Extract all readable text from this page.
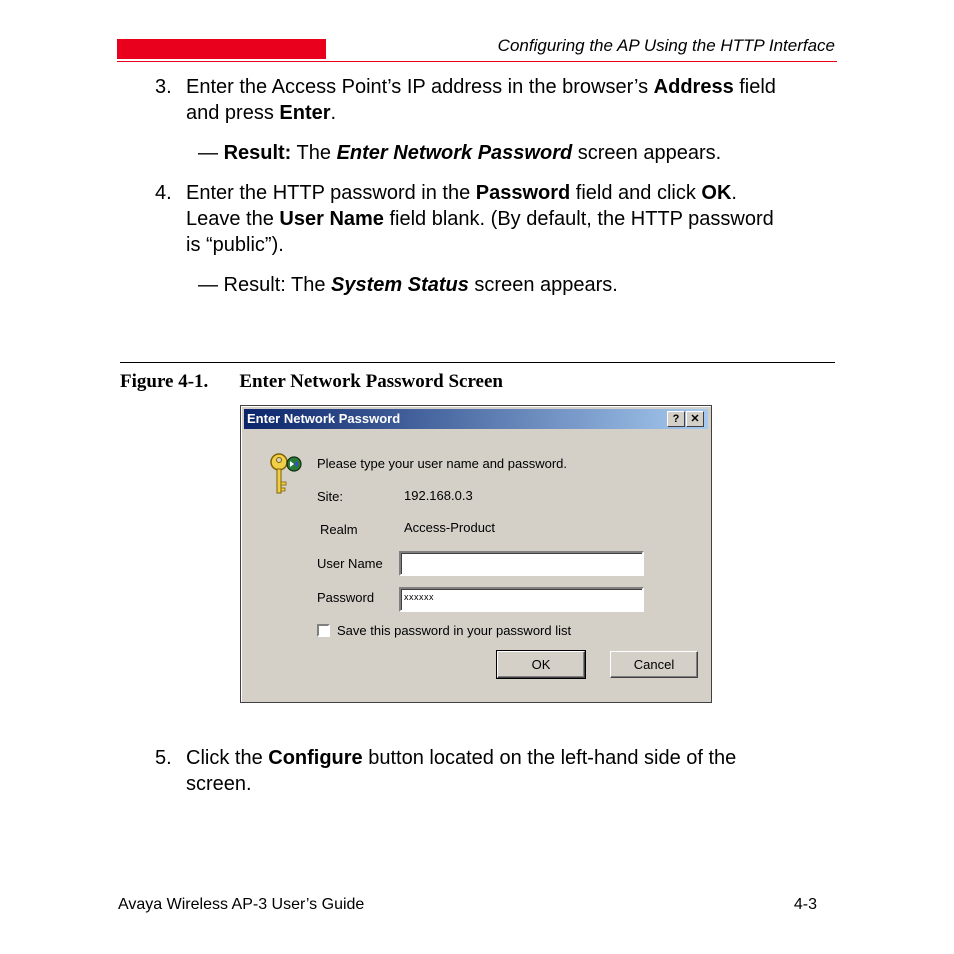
Configuring the AP Using the HTTP Interface
3. Enter the Access Point’s IP address in the browser’s Address field
and press Enter.
— Result: The Enter Network Password screen appears.
4. Enter the HTTP password in the Password field and click OK.
Leave the User Name field blank. (By default, the HTTP password
is “public”).
— Result: The System Status screen appears.
Figure 4-1. Enter Network Password Screen
Enter Network Password	?	✕
Please type your user name and password.
Site:	192.168.0.3
Realm	Access-Product
User Name
Password	xxxxxx
Save this password in your password list
OK	Cancel
5. Click the Configure button located on the left-hand side of the
screen.
Avaya Wireless AP-3 User’s Guide	4-3
